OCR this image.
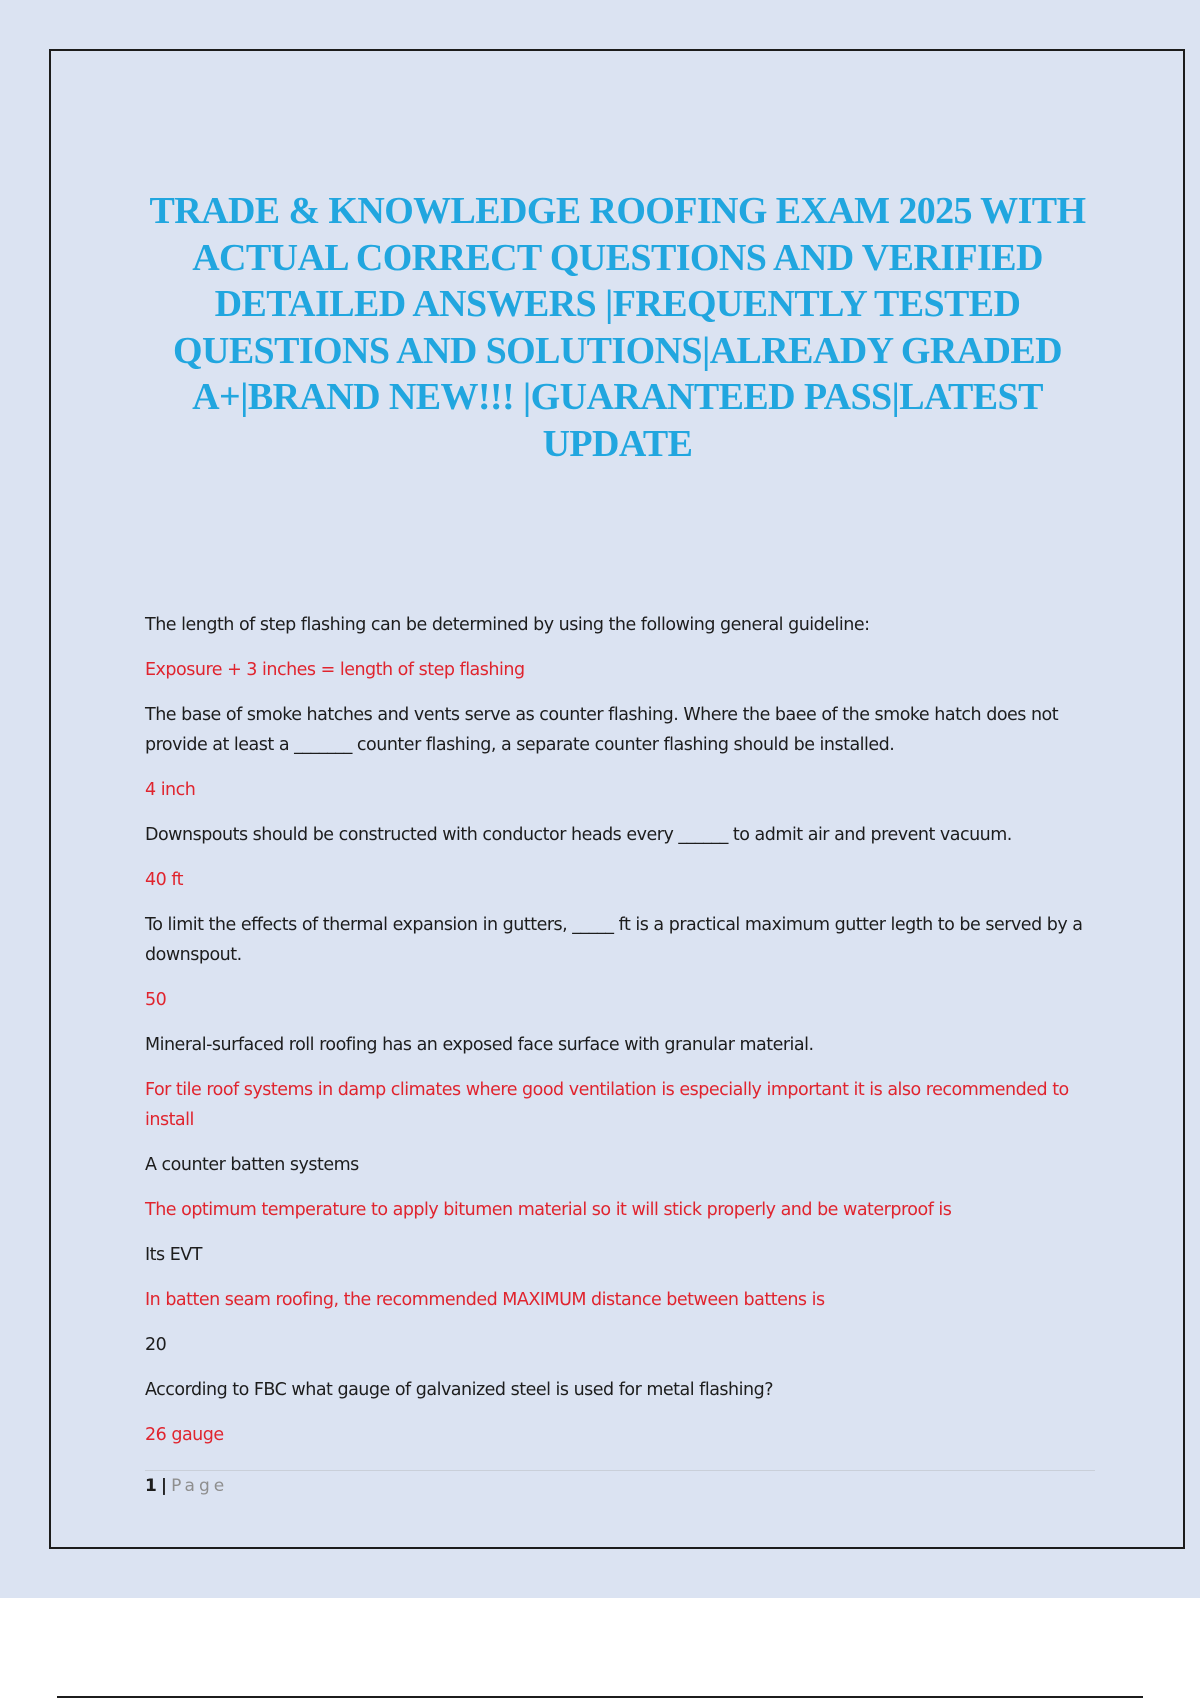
TRADE & KNOWLEDGE ROOFING EXAM 2025 WITH ACTUAL CORRECT QUESTIONS AND VERIFIED DETAILED ANSWERS |FREQUENTLY TESTED QUESTIONS AND SOLUTIONS|ALREADY GRADED A+|BRAND NEW!!! |GUARANTEED PASS|LATEST UPDATE

The length of step flashing can be determined by using the following general guideline:

Exposure + 3 inches = length of step flashing

The base of smoke hatches and vents serve as counter flashing. Where the baee of the smoke hatch does not provide at least a _______ counter flashing, a separate counter flashing should be installed.

4 inch

Downspouts should be constructed with conductor heads every ______ to admit air and prevent vacuum.

40 ft

To limit the effects of thermal expansion in gutters, _____ ft is a practical maximum gutter legth to be served by a downspout.

50

Mineral-surfaced roll roofing has an exposed face surface with granular material.

For tile roof systems in damp climates where good ventilation is especially important it is also recommended to install

A counter batten systems

The optimum temperature to apply bitumen material so it will stick properly and be waterproof is

Its EVT

In batten seam roofing, the recommended MAXIMUM distance between battens is

20

According to FBC what gauge of galvanized steel is used for metal flashing?

26 gauge

1 | Page
